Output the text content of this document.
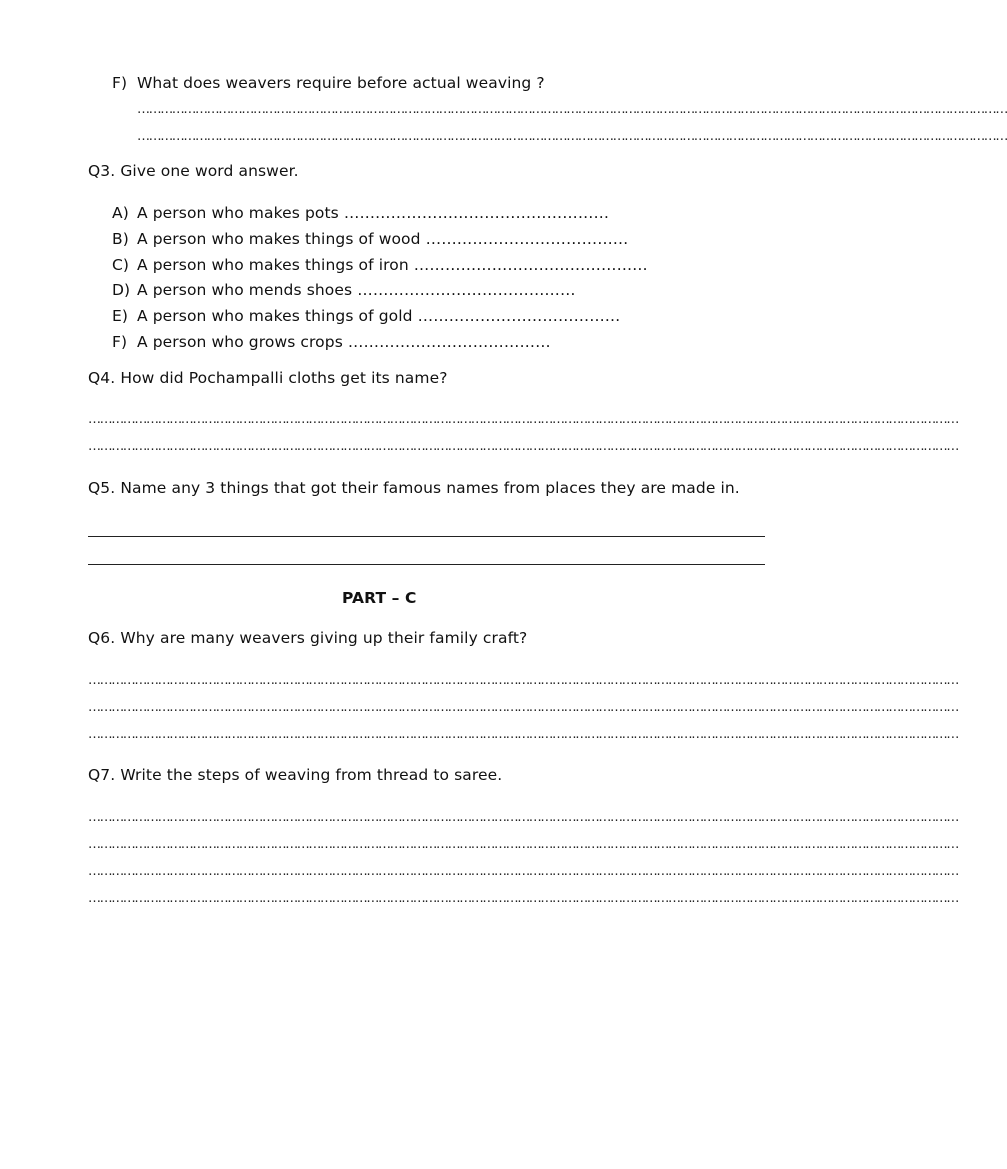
F) What does weavers require before actual weaving ?
………………………………………………………………………………………………………………………………………………………………………………………………………
………………………………………………………………………………………………………………………………………………………………………………………………………
Q3. Give one word answer.
A) A person who makes pots ……………………………………………
B) A person who makes things of wood …………………………………
C) A person who makes things of iron ………………………………………
D) A person who mends shoes ……………………………………
E) A person who makes things of gold …………………………………
F) A person who grows crops …………………………………
Q4. How did Pochampalli cloths get its name?
………………………………………………………………………………………………………………………………………………………………………………………………………
………………………………………………………………………………………………………………………………………………………………………………………………………
Q5. Name any 3 things that got their famous names from places they are made in.
PART – C
Q6. Why are many weavers giving up their family craft?
………………………………………………………………………………………………………………………………………………………………………………………………………
………………………………………………………………………………………………………………………………………………………………………………………………………
………………………………………………………………………………………………………………………………………………………………………………………………………
Q7. Write the steps of weaving from thread to saree.
………………………………………………………………………………………………………………………………………………………………………………………………………
………………………………………………………………………………………………………………………………………………………………………………………………………
………………………………………………………………………………………………………………………………………………………………………………………………………
………………………………………………………………………………………………………………………………………………………………………………………………………
